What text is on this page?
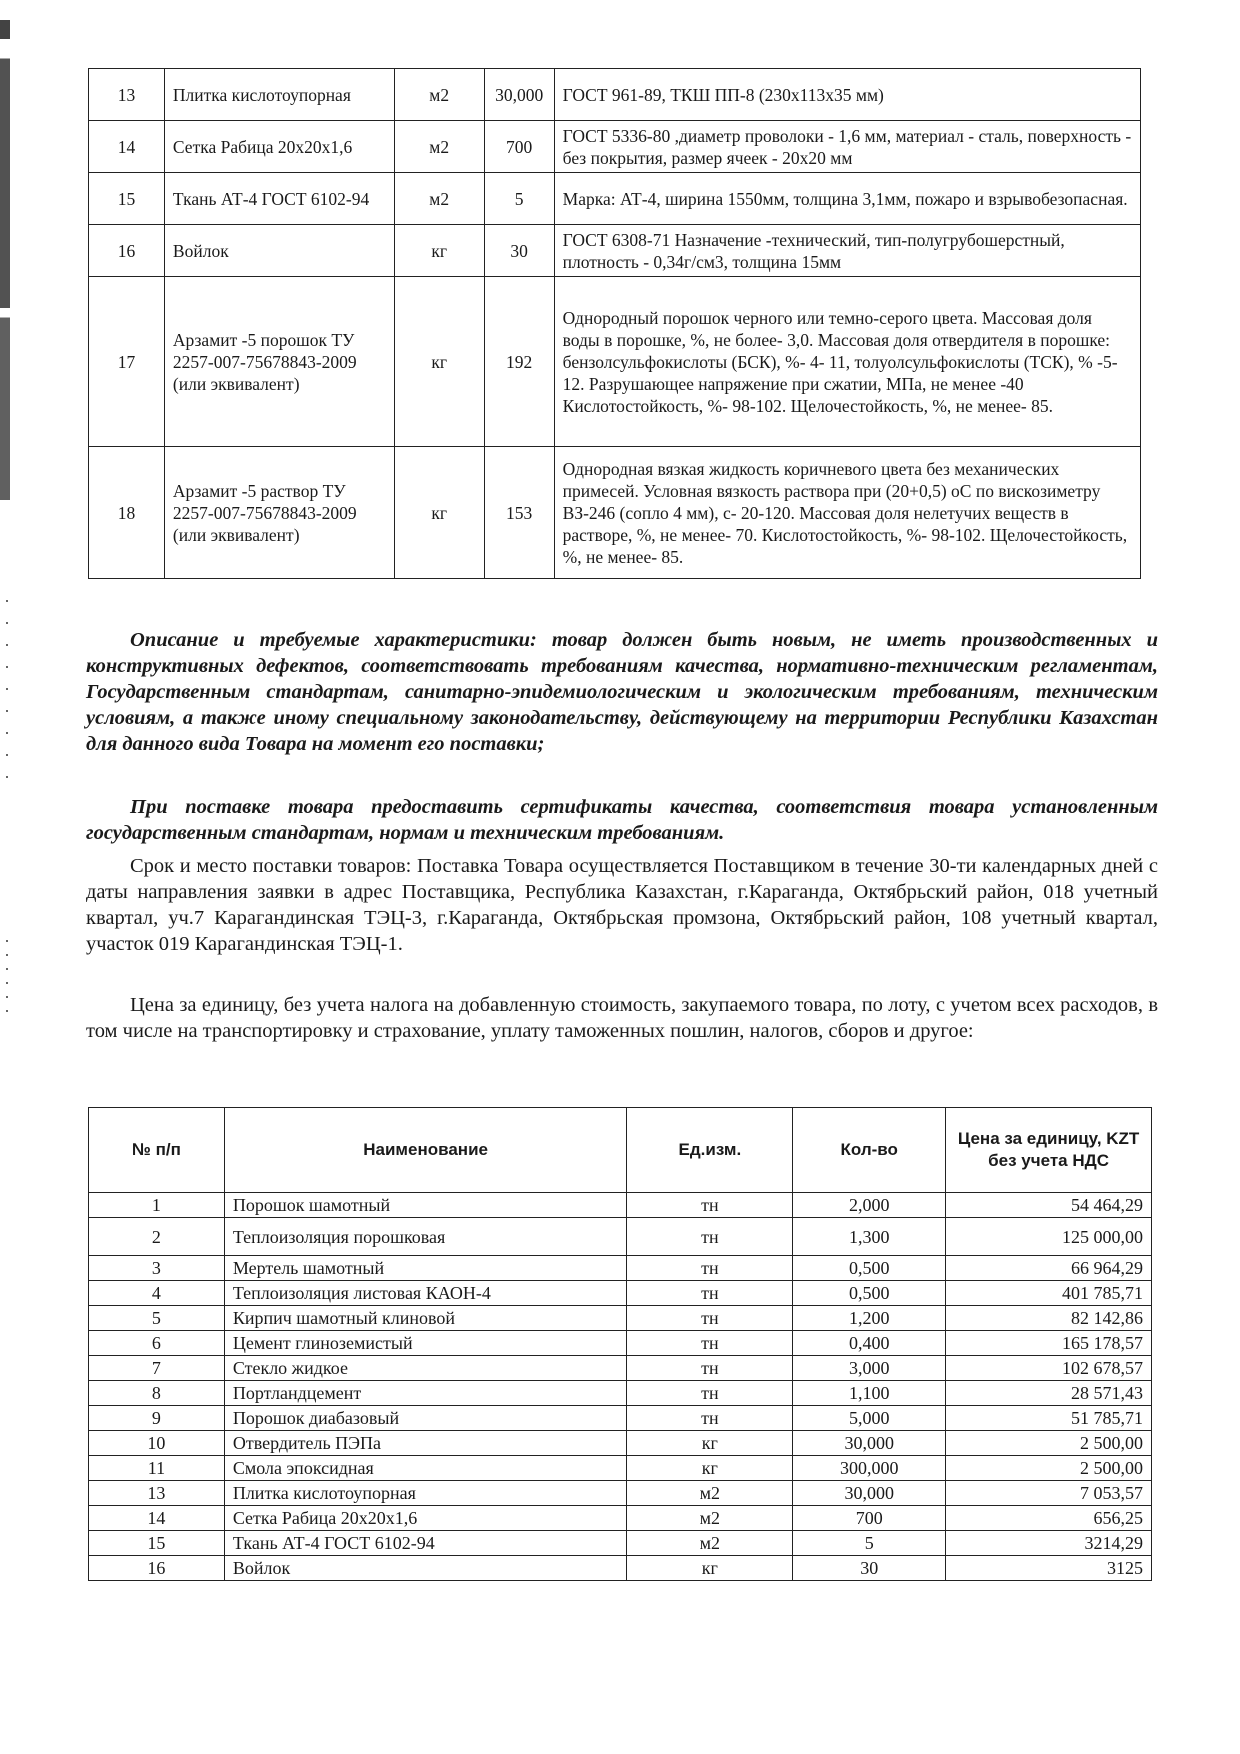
13	Плитка кислотоупорная	м2	30,000	ГОСТ 961-89, ТКШ ПП-8 (230х113х35 мм)
14	Сетка Рабица 20х20х1,6	м2	700	ГОСТ 5336-80 ,диаметр проволоки - 1,6 мм, материал - сталь, поверхность - без покрытия, размер ячеек - 20х20 мм
15	Ткань АТ-4 ГОСТ 6102-94	м2	5	Марка: АТ-4, ширина 1550мм, толщина 3,1мм, пожаро и взрывобезопасная.
16	Войлок	кг	30	ГОСТ 6308-71 Назначение -технический, тип-полугрубошерстный, плотность - 0,34г/см3, толщина 15мм
17	Арзамит -5 порошок ТУ 2257-007-75678843-2009 (или эквивалент)	кг	192	Однородный порошок черного или темно-серого цвета. Массовая доля воды в порошке, %, не более- 3,0. Массовая доля отвердителя в порошке: бензолсульфокислоты (БСК), %- 4- 11, толуолсульфокислоты (ТСК), % -5- 12. Разрушающее напряжение при сжатии, МПа, не менее -40 Кислотостойкость, %- 98-102. Щелочестойкость, %, не менее- 85.
18	Арзамит -5 раствор ТУ 2257-007-75678843-2009 (или эквивалент)	кг	153	Однородная вязкая жидкость коричневого цвета без механических примесей. Условная вязкость раствора при (20+0,5) оС по вискозиметру ВЗ-246 (сопло 4 мм), с- 20-120. Массовая доля нелетучих веществ в растворе, %, не менее- 70. Кислотостойкость, %- 98-102. Щелочестойкость, %, не менее- 85.

Описание и требуемые характеристики: товар должен быть новым, не иметь производственных и конструктивных дефектов, соответствовать требованиям качества, нормативно-техническим регламентам, Государственным стандартам, санитарно-эпидемиологическим и экологическим требованиям, техническим условиям, а также иному специальному законодательству, действующему на территории Республики Казахстан для данного вида Товара на момент его поставки;

При поставке товара предоставить сертификаты качества, соответствия товара установленным государственным стандартам, нормам и техническим требованиям.

Срок и место поставки товаров: Поставка Товара осуществляется Поставщиком в течение 30-ти календарных дней с даты направления заявки в адрес Поставщика, Республика Казахстан, г.Караганда, Октябрьский район, 018 учетный квартал, уч.7 Карагандинская ТЭЦ-3, г.Караганда, Октябрьская промзона, Октябрьский район, 108 учетный квартал, участок 019 Карагандинская ТЭЦ-1.

Цена за единицу, без учета налога на добавленную стоимость, закупаемого товара, по лоту, с учетом всех расходов, в том числе на транспортировку и страхование, уплату таможенных пошлин, налогов, сборов и другое:

№ п/п	Наименование	Ед.изм.	Кол-во	Цена за единицу, KZT без учета НДС
1	Порошок шамотный	тн	2,000	54 464,29
2	Теплоизоляция порошковая	тн	1,300	125 000,00
3	Мертель шамотный	тн	0,500	66 964,29
4	Теплоизоляция листовая КАОН-4	тн	0,500	401 785,71
5	Кирпич шамотный клиновой	тн	1,200	82 142,86
6	Цемент глиноземистый	тн	0,400	165 178,57
7	Стекло жидкое	тн	3,000	102 678,57
8	Портландцемент	тн	1,100	28 571,43
9	Порошок диабазовый	тн	5,000	51 785,71
10	Отвердитель ПЭПа	кг	30,000	2 500,00
11	Смола эпоксидная	кг	300,000	2 500,00
13	Плитка кислотоупорная	м2	30,000	7 053,57
14	Сетка Рабица 20х20х1,6	м2	700	656,25
15	Ткань АТ-4 ГОСТ 6102-94	м2	5	3214,29
16	Войлок	кг	30	3125
